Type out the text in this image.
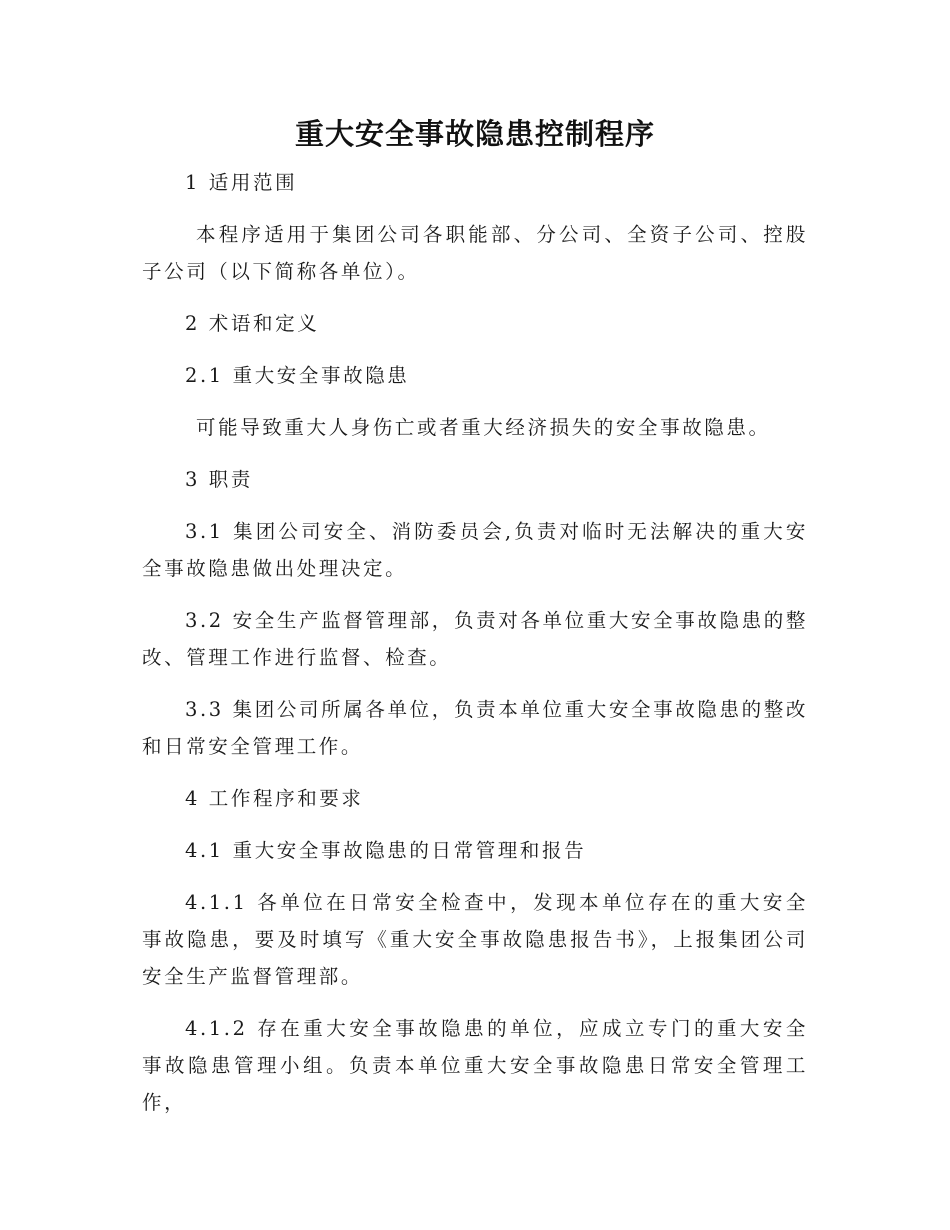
重大安全事故隐患控制程序

1 适用范围

本程序适用于集团公司各职能部、分公司、全资子公司、控股子公司（以下简称各单位）。

2 术语和定义

2.1 重大安全事故隐患

可能导致重大人身伤亡或者重大经济损失的安全事故隐患。

3 职责

3.1 集团公司安全、消防委员会,负责对临时无法解决的重大安全事故隐患做出处理决定。

3.2 安全生产监督管理部，负责对各单位重大安全事故隐患的整改、管理工作进行监督、检查。

3.3 集团公司所属各单位，负责本单位重大安全事故隐患的整改和日常安全管理工作。

4 工作程序和要求

4.1 重大安全事故隐患的日常管理和报告

4.1.1 各单位在日常安全检查中，发现本单位存在的重大安全事故隐患，要及时填写《重大安全事故隐患报告书》，上报集团公司安全生产监督管理部。

4.1.2 存在重大安全事故隐患的单位，应成立专门的重大安全事故隐患管理小组。负责本单位重大安全事故隐患日常安全管理工作，
